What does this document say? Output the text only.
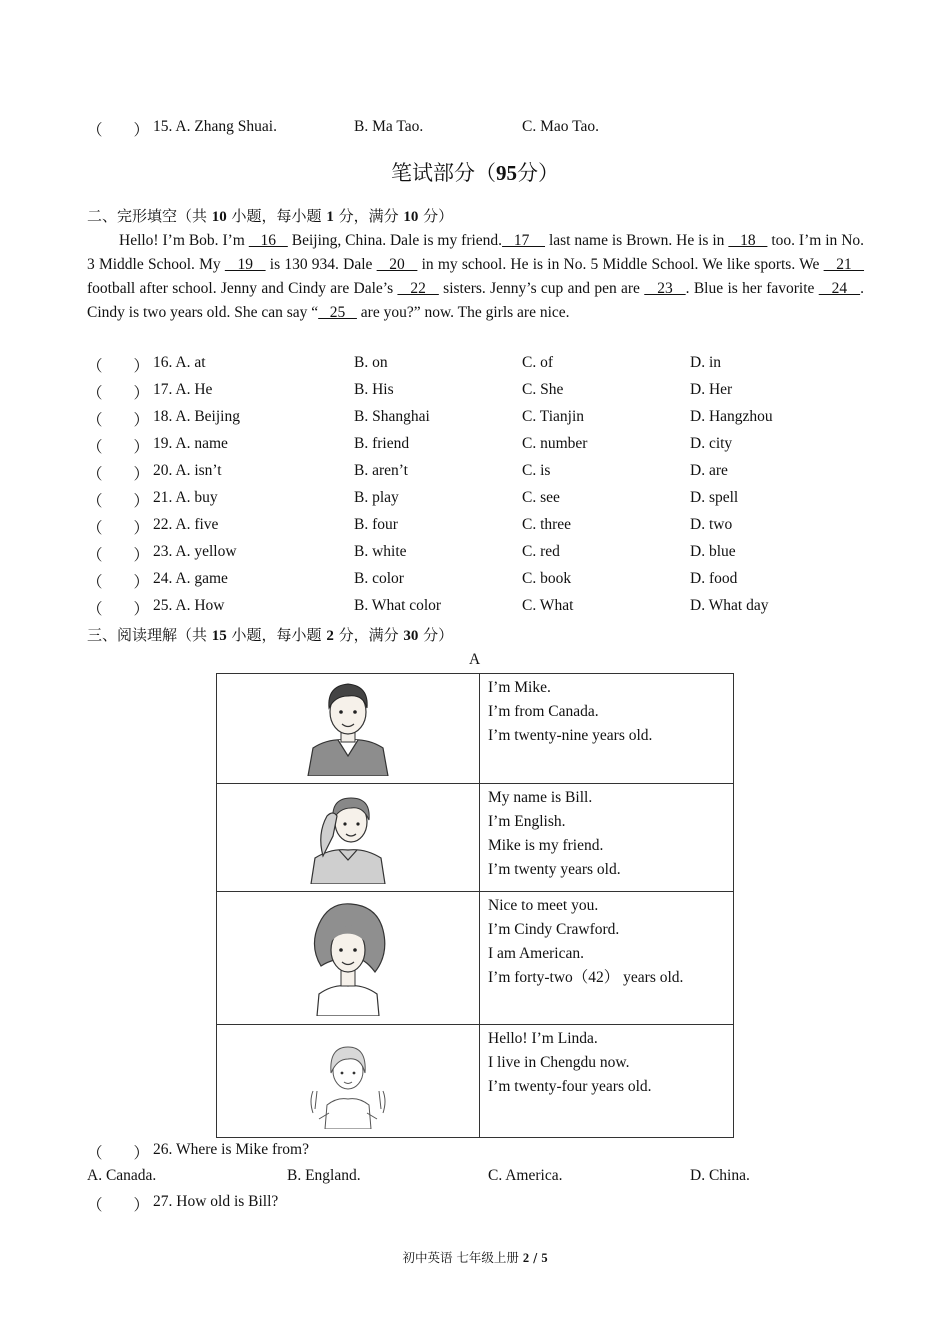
（　　） 15. A. Zhang Shuai.	B. Ma Tao.	C. Mao Tao.
笔试部分（95分）
二、完形填空（共 10 小题，每小题 1 分，满分 10 分）
Hello! I’m Bob. I’m    16    Beijing, China. Dale is my friend.   17     last name is Brown. He is in    18    too. I’m in No. 3 Middle School. My    19    is 130 934. Dale    20    in my school. He is in No. 5 Middle School. We like sports. We    21    football after school. Jenny and Cindy are Dale’s    22    sisters. Jenny’s cup and pen are    23   . Blue is her favorite    24   . Cindy is two years old. She can say “   25    are you?” now. The girls are nice.
（　　） 16. A. at	B. on	C. of	D. in
（　　） 17. A. He	B. His	C. She	D. Her
（　　） 18. A. Beijing	B. Shanghai	C. Tianjin	D. Hangzhou
（　　） 19. A. name	B. friend	C. number	D. city
（　　） 20. A. isn’t	B. aren’t	C. is	D. are
（　　） 21. A. buy	B. play	C. see	D. spell
（　　） 22. A. five	B. four	C. three	D. two
（　　） 23. A. yellow	B. white	C. red	D. blue
（　　） 24. A. game	B. color	C. book	D. food
（　　） 25. A. How	B. What color	C. What	D. What day
三、阅读理解（共 15 小题，每小题 2 分，满分 30 分）
A

I’m Mike.
I’m from Canada.
I’m twenty-nine years old.

My name is Bill.
I’m English.
Mike is my friend.
I’m twenty years old.

Nice to meet you.
I’m Cindy Crawford.
I am American.
I’m forty-two（42） years old.

Hello! I’m Linda.
I live in Chengdu now.
I’m twenty-four years old.
（　　） 26. Where is Mike from?
A. Canada.	B. England.	C. America.	D. China.
（　　） 27. How old is Bill?
初中英语 七年级上册 2 / 5
